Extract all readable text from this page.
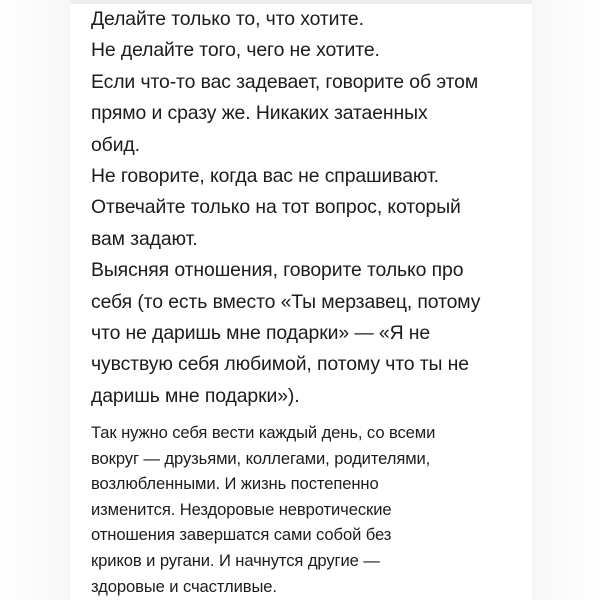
Делайте только то, что хотите.
Не делайте того, чего не хотите.
Если что-то вас задевает, говорите об этом
прямо и сразу же. Никаких затаенных
обид.
Не говорите, когда вас не спрашивают.
Отвечайте только на тот вопрос, который
вам задают.
Выясняя отношения, говорите только про
себя (то есть вместо «Ты мерзавец, потому
что не даришь мне подарки» — «Я не
чувствую себя любимой, потому что ты не
даришь мне подарки»).
Так нужно себя вести каждый день, со всеми
вокруг — друзьями, коллегами, родителями,
возлюбленными. И жизнь постепенно
изменится. Нездоровые невротические
отношения завершатся сами собой без
криков и ругани. И начнутся другие —
здоровые и счастливые.
